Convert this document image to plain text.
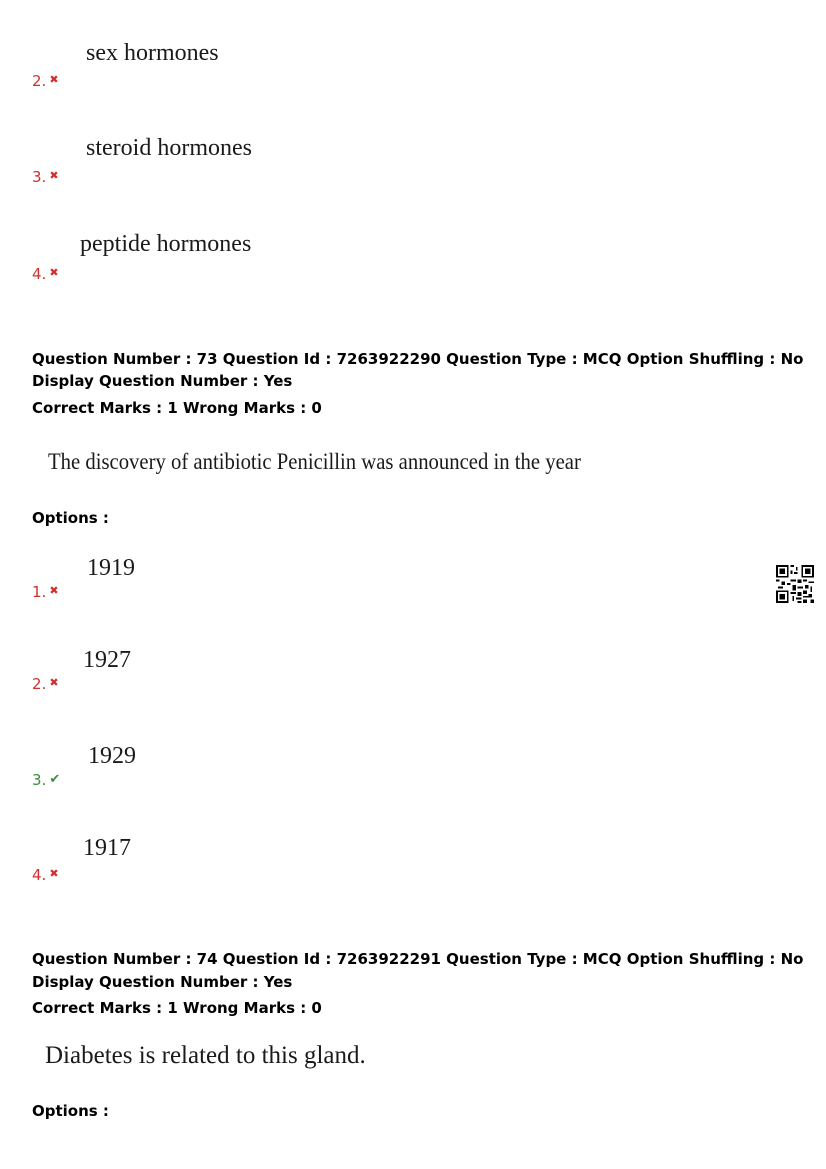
sex hormones
2. ✖
steroid hormones
3. ✖
peptide hormones
4. ✖
Question Number : 73 Question Id : 7263922290 Question Type : MCQ Option Shuffling : No
Display Question Number : Yes
Correct Marks : 1 Wrong Marks : 0
The discovery of antibiotic Penicillin was announced in the year
Options :
1919
1. ✖
1927
2. ✖
1929
3. ✔
1917
4. ✖
Question Number : 74 Question Id : 7263922291 Question Type : MCQ Option Shuffling : No
Display Question Number : Yes
Correct Marks : 1 Wrong Marks : 0
Diabetes is related to this gland.
Options :
